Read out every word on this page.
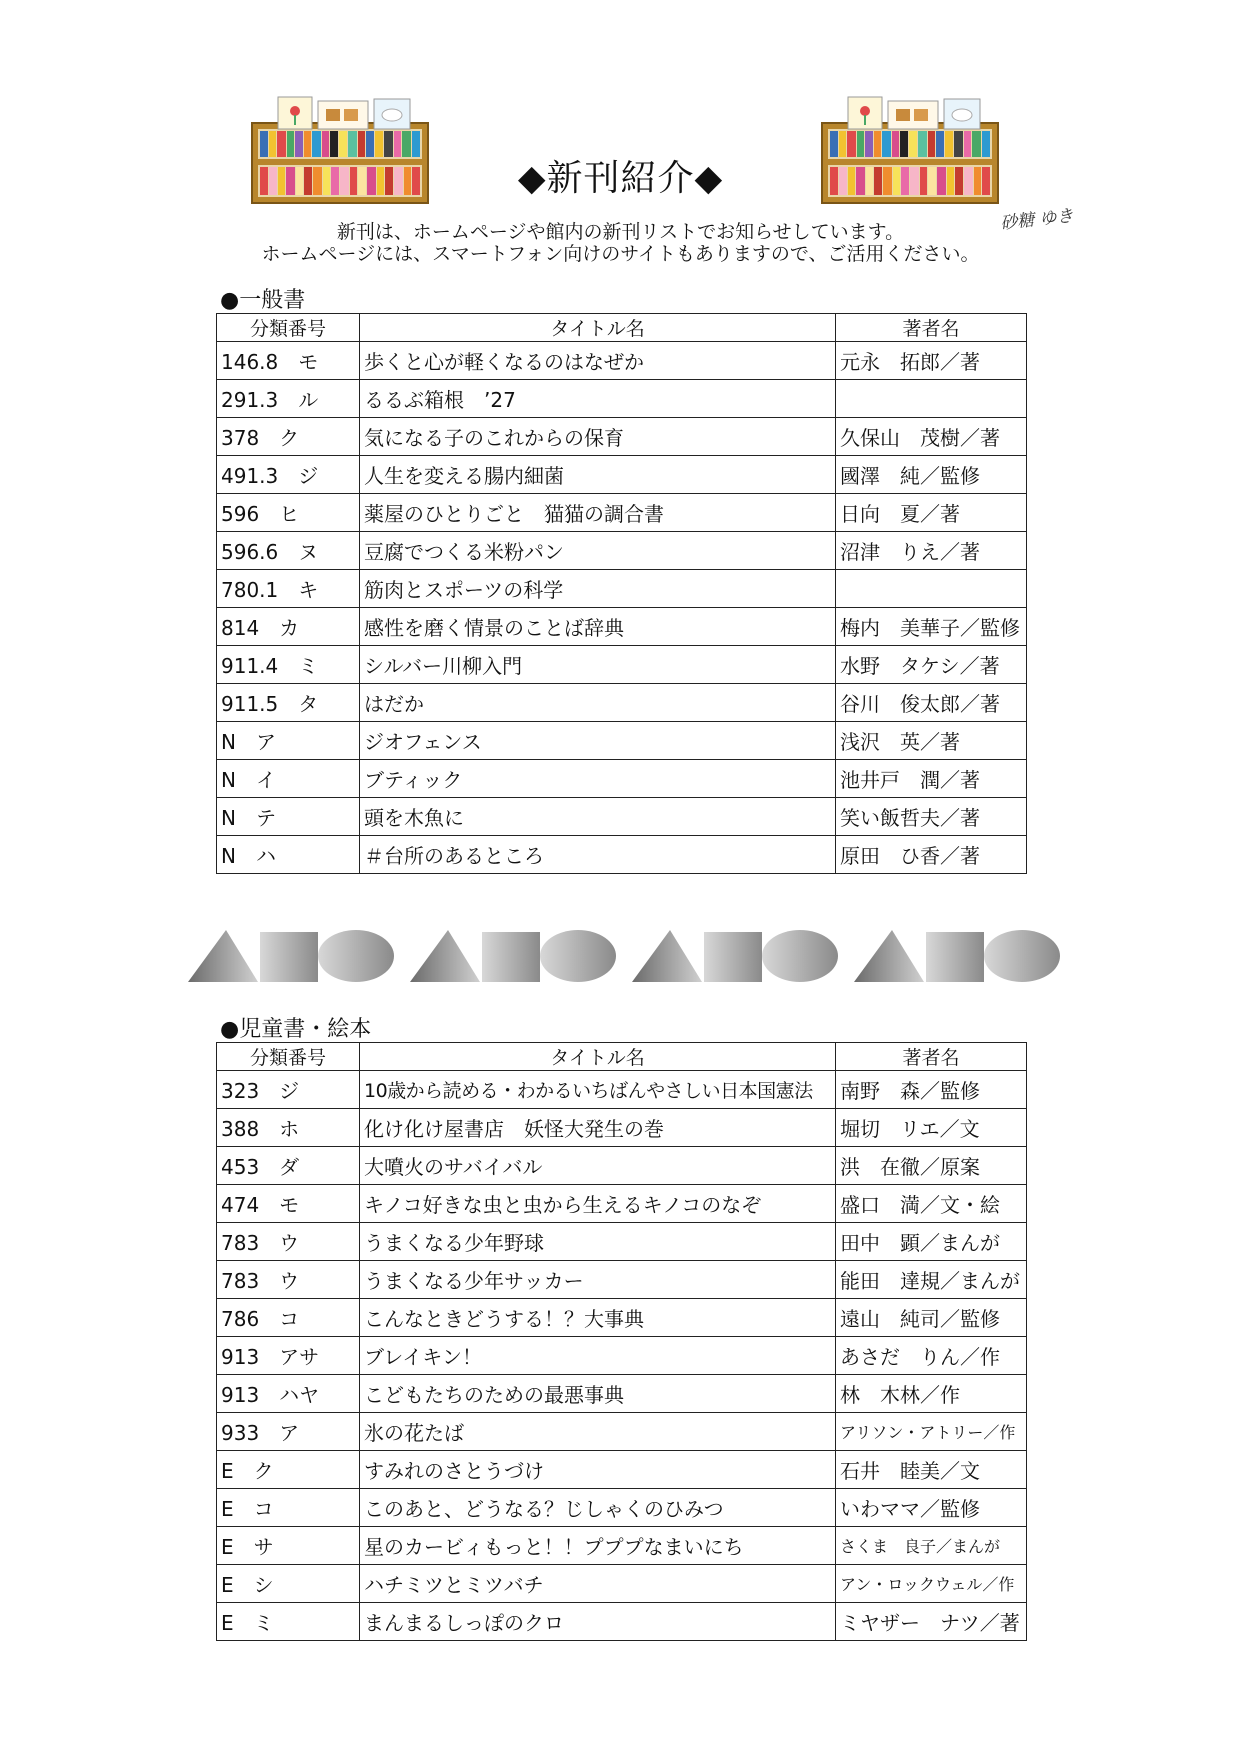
砂糖 ゆき
◆新刊紹介◆
新刊は、ホームページや館内の新刊リストでお知らせしています。
ホームページには、スマートフォン向けのサイトもありますので、ご活用ください。
●一般書
分類番号	タイトル名	著者名
146.8　モ	歩くと心が軽くなるのはなぜか	元永　拓郎／著
291.3　ル	るるぶ箱根　’27	
378　ク	気になる子のこれからの保育	久保山　茂樹／著
491.3　ジ	人生を変える腸内細菌	國澤　純／監修
596　ヒ	薬屋のひとりごと　猫猫の調合書	日向　夏／著
596.6　ヌ	豆腐でつくる米粉パン	沼津　りえ／著
780.1　キ	筋肉とスポーツの科学	
814　カ	感性を磨く情景のことば辞典	梅内　美華子／監修
911.4　ミ	シルバー川柳入門	水野　タケシ／著
911.5　タ	はだか	谷川　俊太郎／著
N　ア	ジオフェンス	浅沢　英／著
N　イ	ブティック	池井戸　潤／著
N　テ	頭を木魚に	笑い飯哲夫／著
N　ハ	＃台所のあるところ	原田　ひ香／著
●児童書・絵本
分類番号	タイトル名	著者名
323　ジ	10歳から読める・わかるいちばんやさしい日本国憲法	南野　森／監修
388　ホ	化け化け屋書店　妖怪大発生の巻	堀切　リエ／文
453　ダ	大噴火のサバイバル	洪　在徹／原案
474　モ	キノコ好きな虫と虫から生えるキノコのなぞ	盛口　満／文・絵
783　ウ	うまくなる少年野球	田中　顕／まんが
783　ウ	うまくなる少年サッカー	能田　達規／まんが
786　コ	こんなときどうする！？大事典	遠山　純司／監修
913　アサ	ブレイキン！	あさだ　りん／作
913　ハヤ	こどもたちのための最悪事典	林　木林／作
933　ア	氷の花たば	アリソン・アトリー／作
E　ク	すみれのさとうづけ	石井　睦美／文
E　コ	このあと、どうなる？じしゃくのひみつ	いわママ／監修
E　サ	星のカービィもっと！！プププなまいにち	さくま　良子／まんが
E　シ	ハチミツとミツバチ	アン・ロックウェル／作
E　ミ	まんまるしっぽのクロ	ミヤザー　ナツ／著
